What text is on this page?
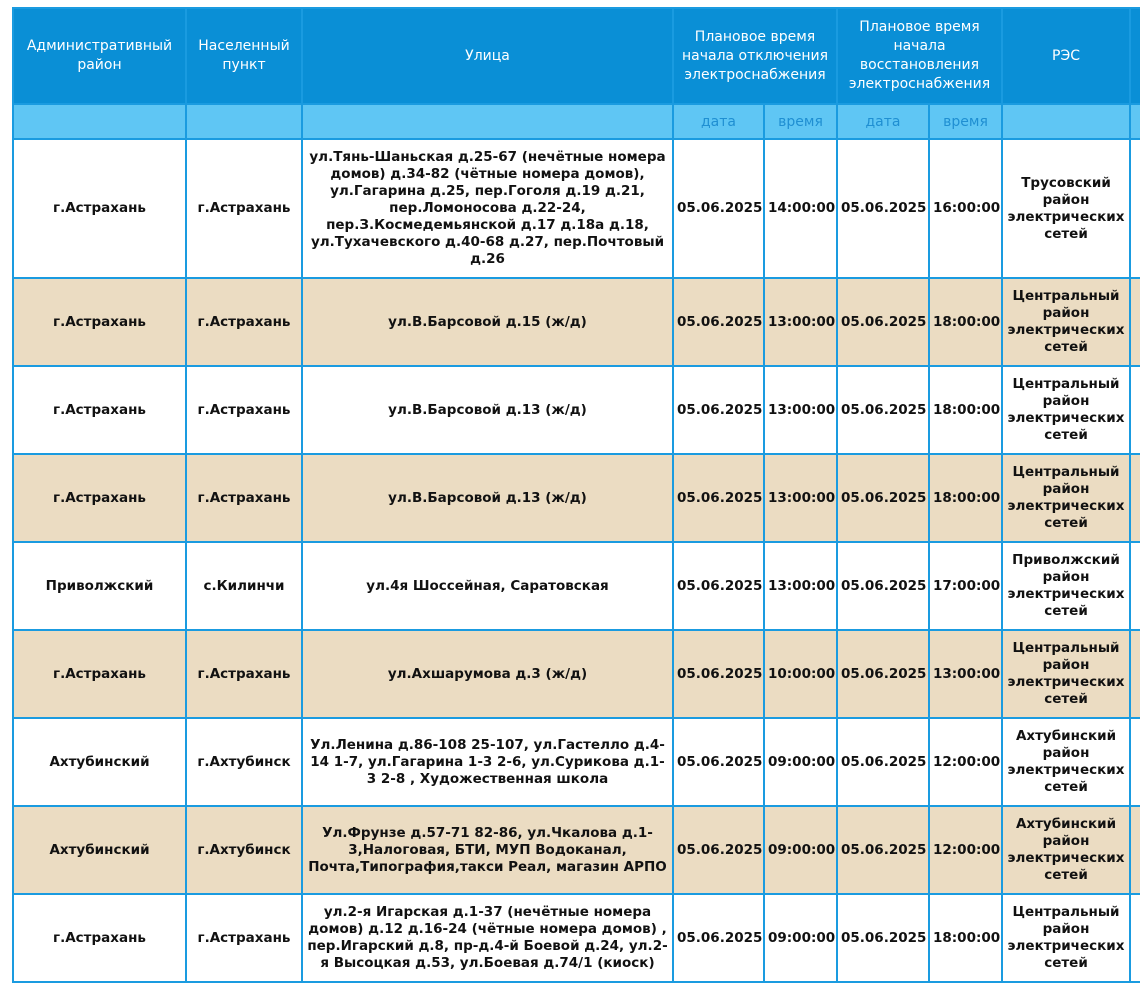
Административный район	Населенный пункт	Улица	Плановое время начала отключения электроснабжения		Плановое время начала восстановления электроснабжения		РЭС	
			дата	время	дата	время		
г.Астрахань	г.Астрахань	ул.Тянь-Шаньская д.25-67 (нечётные номера домов) д.34-82 (чётные номера домов), ул.Гагарина д.25, пер.Гоголя д.19 д.21, пер.Ломоносова д.22-24, пер.З.Космедемьянской д.17 д.18а д.18, ул.Тухачевского д.40-68 д.27, пер.Почтовый д.26	05.06.2025	14:00:00	05.06.2025	16:00:00	Трусовский район электрических сетей	
г.Астрахань	г.Астрахань	ул.В.Барсовой д.15 (ж/д)	05.06.2025	13:00:00	05.06.2025	18:00:00	Центральный район электрических сетей	
г.Астрахань	г.Астрахань	ул.В.Барсовой д.13 (ж/д)	05.06.2025	13:00:00	05.06.2025	18:00:00	Центральный район электрических сетей	
г.Астрахань	г.Астрахань	ул.В.Барсовой д.13 (ж/д)	05.06.2025	13:00:00	05.06.2025	18:00:00	Центральный район электрических сетей	
Приволжский	с.Килинчи	ул.4я Шоссейная, Саратовская	05.06.2025	13:00:00	05.06.2025	17:00:00	Приволжский район электрических сетей	
г.Астрахань	г.Астрахань	ул.Ахшарумова д.3 (ж/д)	05.06.2025	10:00:00	05.06.2025	13:00:00	Центральный район электрических сетей	
Ахтубинский	г.Ахтубинск	Ул.Ленина д.86-108 25-107, ул.Гастелло д.4-14 1-7, ул.Гагарина 1-3 2-6, ул.Сурикова д.1-3 2-8 , Художественная школа	05.06.2025	09:00:00	05.06.2025	12:00:00	Ахтубинский район электрических сетей	
Ахтубинский	г.Ахтубинск	Ул.Фрунзе д.57-71 82-86, ул.Чкалова д.1-3,Налоговая, БТИ, МУП Водоканал, Почта,Типография,такси Реал, магазин АРПО	05.06.2025	09:00:00	05.06.2025	12:00:00	Ахтубинский район электрических сетей	
г.Астрахань	г.Астрахань	ул.2-я Игарская д.1-37 (нечётные номера домов) д.12 д.16-24 (чётные номера домов) , пер.Игарский д.8, пр-д.4-й Боевой д.24, ул.2-я Высоцкая д.53, ул.Боевая д.74/1 (киоск)	05.06.2025	09:00:00	05.06.2025	18:00:00	Центральный район электрических сетей	
